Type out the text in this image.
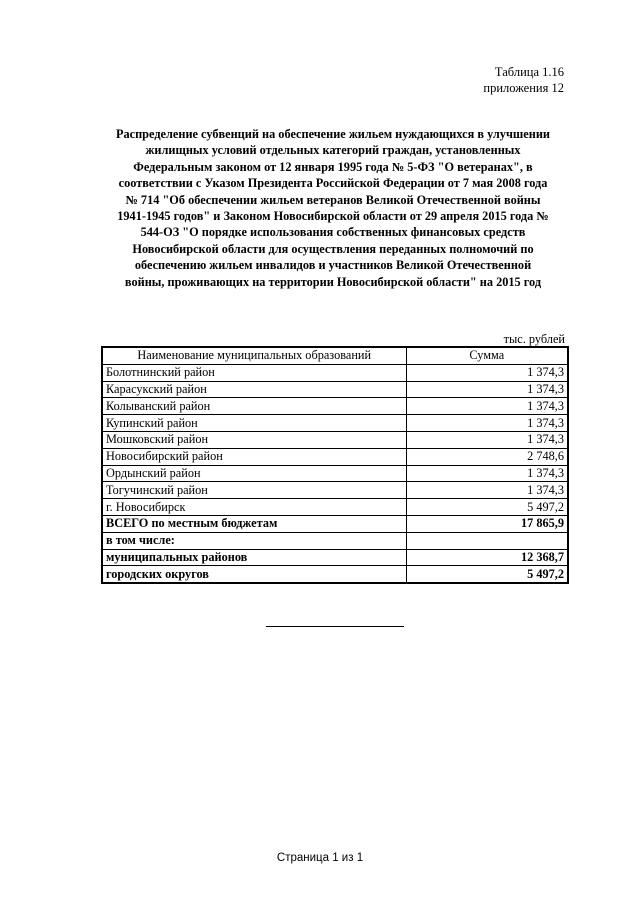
Таблица 1.16
приложения 12
Распределение субвенций на обеспечение жильем нуждающихся в улучшении
жилищных условий отдельных категорий граждан, установленных
Федеральным законом от 12 января 1995 года № 5-ФЗ "О ветеранах", в
соответствии с Указом Президента Российской Федерации от 7 мая 2008 года
№ 714 "Об обеспечении жильем ветеранов Великой Отечественной войны
1941-1945 годов" и Законом Новосибирской области от 29 апреля 2015 года №
544-ОЗ "О порядке использования собственных финансовых средств
Новосибирской области для осуществления переданных полномочий по
обеспечению жильем инвалидов и участников Великой Отечественной
войны, проживающих на территории Новосибирской области" на 2015 год
тыс. рублей
Наименование муниципальных образований	Сумма
Болотнинский район	1 374,3
Карасукский район	1 374,3
Колыванский район	1 374,3
Купинский район	1 374,3
Мошковский район	1 374,3
Новосибирский район	2 748,6
Ордынский район	1 374,3
Тогучинский район	1 374,3
г. Новосибирск	5 497,2
ВСЕГО по местным бюджетам	17 865,9
в том числе:	
муниципальных районов	12 368,7
городских округов	5 497,2
Страница 1 из 1
